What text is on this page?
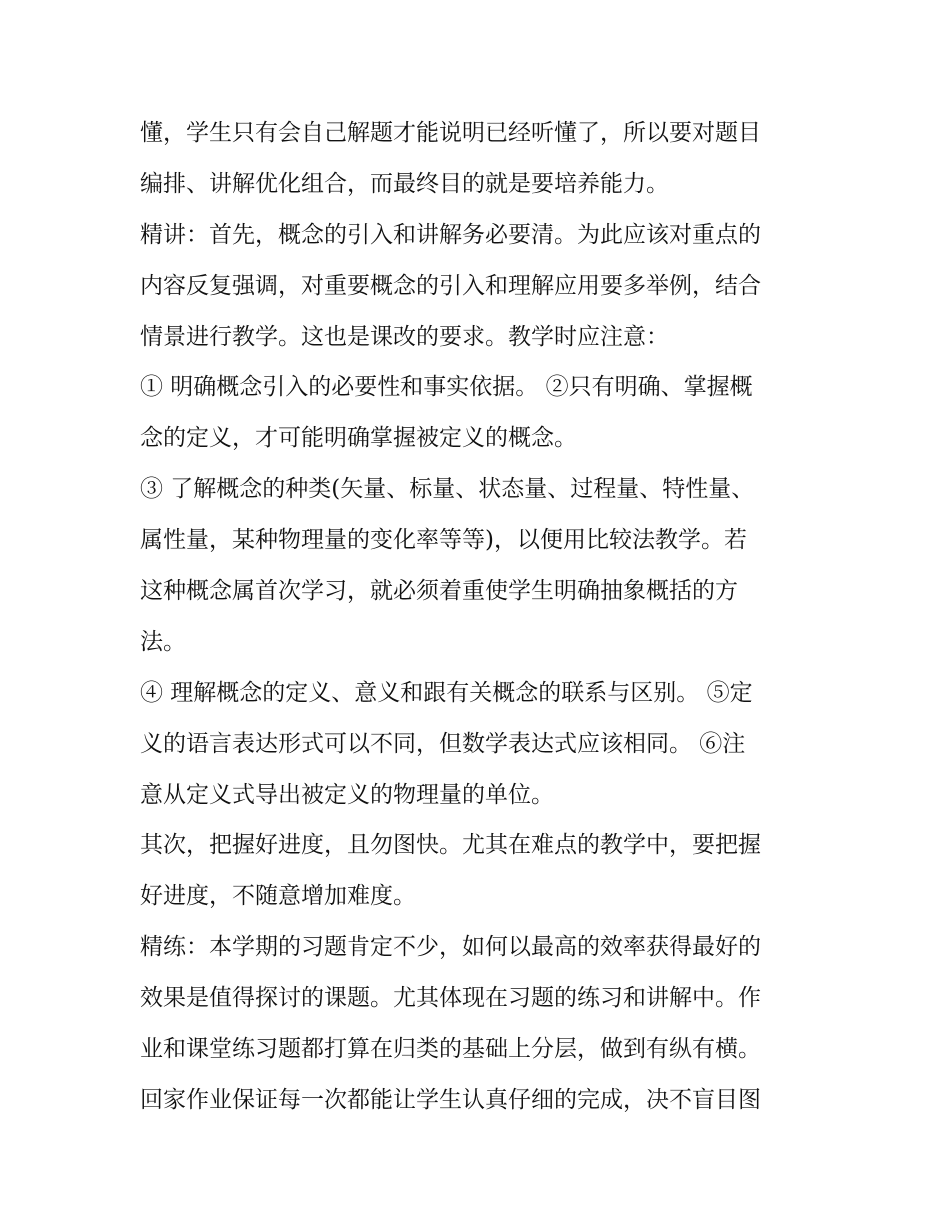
懂，学生只有会自己解题才能说明已经听懂了，所以要对题目
编排、讲解优化组合，而最终目的就是要培养能力。
精讲：首先，概念的引入和讲解务必要清。为此应该对重点的
内容反复强调，对重要概念的引入和理解应用要多举例，结合
情景进行教学。这也是课改的要求。教学时应注意：
① 明确概念引入的必要性和事实依据。 ②只有明确、掌握概
念的定义，才可能明确掌握被定义的概念。
③ 了解概念的种类(矢量、标量、状态量、过程量、特性量、
属性量，某种物理量的变化率等等)，以便用比较法教学。若
这种概念属首次学习，就必须着重使学生明确抽象概括的方
法。
④ 理解概念的定义、意义和跟有关概念的联系与区别。 ⑤定
义的语言表达形式可以不同，但数学表达式应该相同。 ⑥注
意从定义式导出被定义的物理量的单位。
其次，把握好进度，且勿图快。尤其在难点的教学中，要把握
好进度，不随意增加难度。
精练：本学期的习题肯定不少，如何以最高的效率获得最好的
效果是值得探讨的课题。尤其体现在习题的练习和讲解中。作
业和课堂练习题都打算在归类的基础上分层，做到有纵有横。
回家作业保证每一次都能让学生认真仔细的完成，决不盲目图
